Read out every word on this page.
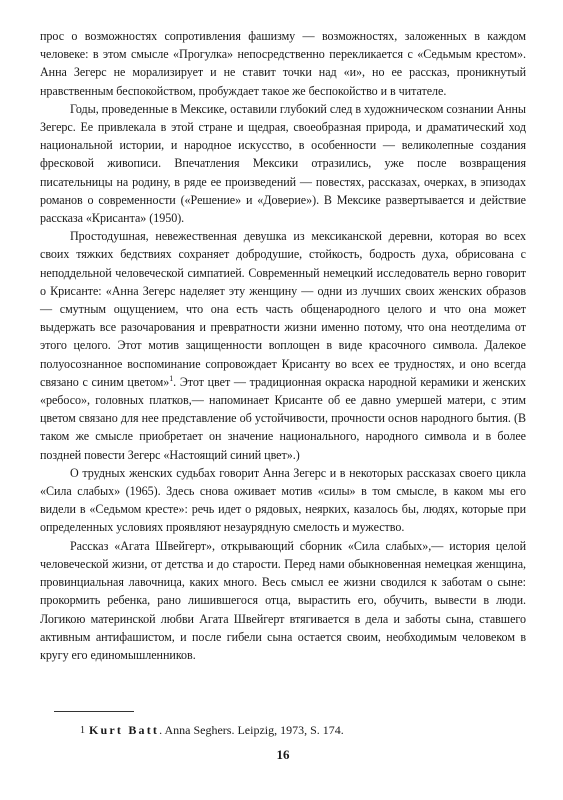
прос о возможностях сопротивления фашизму — возможностях, заложенных в каждом человеке: в этом смысле «Прогулка» непосредственно перекликается с «Седьмым крестом». Анна Зегерс не морализирует и не ставит точки над «и», но ее рассказ, проникнутый нравственным беспокойством, пробуждает такое же беспокойство и в читателе.

Годы, проведенные в Мексике, оставили глубокий след в художническом сознании Анны Зегерс. Ее привлекала в этой стране и щедрая, своеобразная природа, и драматический ход национальной истории, и народное искусство, в особенности — великолепные создания фресковой живописи. Впечатления Мексики отразились, уже после возвращения писательницы на родину, в ряде ее произведений — повестях, рассказах, очерках, в эпизодах романов о современности («Решение» и «Доверие»). В Мексике развертывается и действие рассказа «Крисанта» (1950).

Простодушная, невежественная девушка из мексиканской деревни, которая во всех своих тяжких бедствиях сохраняет добродушие, стойкость, бодрость духа, обрисована с неподдельной человеческой симпатией. Современный немецкий исследователь верно говорит о Крисанте: «Анна Зегерс наделяет эту женщину — одни из лучших своих женских образов — смутным ощущением, что она есть часть общенародного целого и что она может выдержать все разочарования и превратности жизни именно потому, что она неотделима от этого целого. Этот мотив защищенности воплощен в виде красочного символа. Далекое полуосознанное воспоминание сопровождает Крисанту во всех ее трудностях, и оно всегда связано с синим цветом»$^1$. Этот цвет — традиционная окраска народной керамики и женских «ребосо», головных платков,— напоминает Крисанте об ее давно умершей матери, с этим цветом связано для нее представление об устойчивости, прочности основ народного бытия. (В таком же смысле приобретает он значение национального, народного символа и в более поздней повести Зегерс «Настоящий синий цвет».)

О трудных женских судьбах говорит Анна Зегерс и в некоторых рассказах своего цикла «Сила слабых» (1965). Здесь снова оживает мотив «силы» в том смысле, в каком мы его видели в «Седьмом кресте»: речь идет о рядовых, неярких, казалось бы, людях, которые при определенных условиях проявляют незаурядную смелость и мужество.

Рассказ «Агата Швейгерт», открывающий сборник «Сила слабых»,— история целой человеческой жизни, от детства и до старости. Перед нами обыкновенная немецкая женщина, провинциальная лавочница, каких много. Весь смысл ее жизни сводился к заботам о сыне: прокормить ребенка, рано лишившегося отца, вырастить его, обучить, вывести в люди. Логикою материнской любви Агата Швейгерт втягивается в дела и заботы сына, ставшего активным антифашистом, и после гибели сына остается своим, необходимым человеком в кругу его единомышленников.

1 Kurt Batt. Anna Seghers. Leipzig, 1973, S. 174.
16
